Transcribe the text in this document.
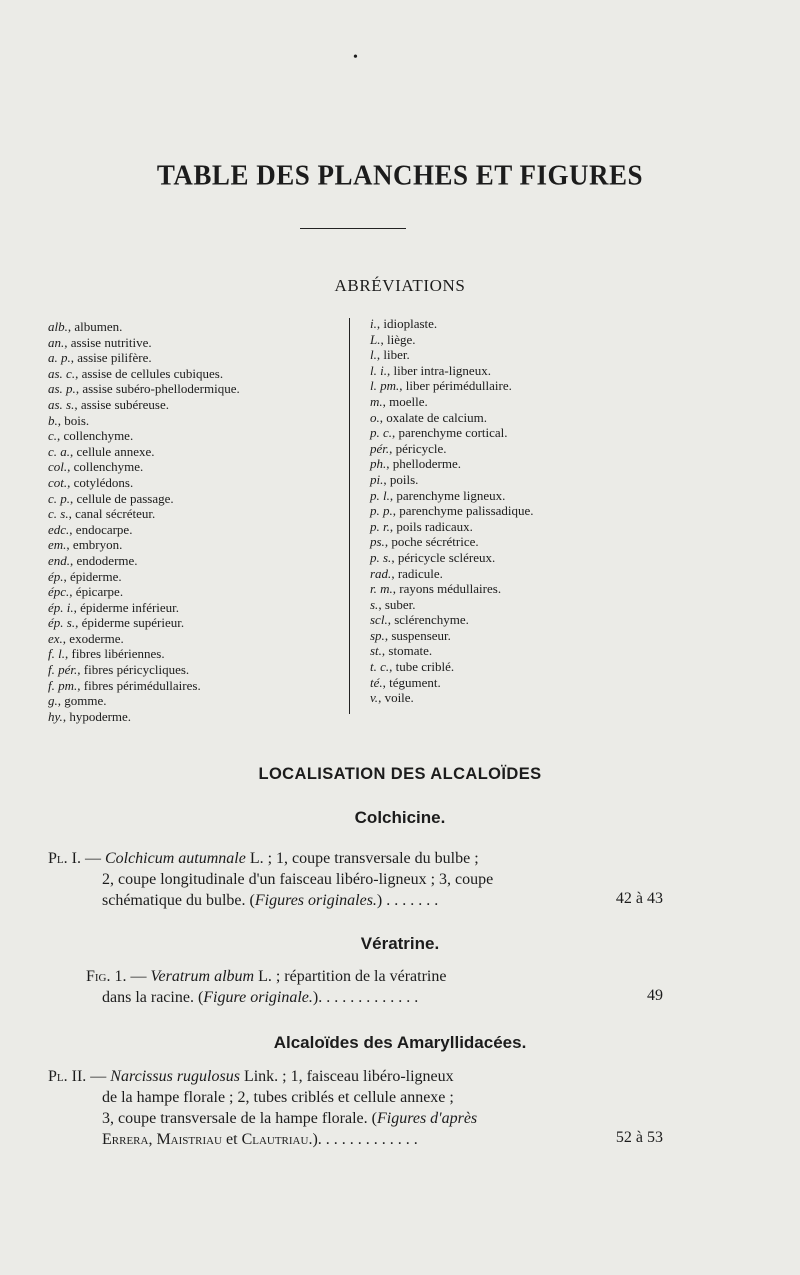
•
TABLE DES PLANCHES ET FIGURES
ABRÉVIATIONS
alb., albumen.
an., assise nutritive.
a. p., assise pilifère.
as. c., assise de cellules cubiques.
as. p., assise subéro-phellodermique.
as. s., assise subéreuse.
b., bois.
c., collenchyme.
c. a., cellule annexe.
col., collenchyme.
cot., cotylédons.
c. p., cellule de passage.
c. s., canal sécréteur.
edc., endocarpe.
em., embryon.
end., endoderme.
ép., épiderme.
épc., épicarpe.
ép. i., épiderme inférieur.
ép. s., épiderme supérieur.
ex., exoderme.
f. l., fibres libériennes.
f. pér., fibres péricycliques.
f. pm., fibres périmédullaires.
g., gomme.
hy., hypoderme.
i., idioplaste.
L., liège.
l., liber.
l. i., liber intra-ligneux.
l. pm., liber périmédullaire.
m., moelle.
o., oxalate de calcium.
p. c., parenchyme cortical.
pér., péricycle.
ph., phelloderme.
pi., poils.
p. l., parenchyme ligneux.
p. p., parenchyme palissadique.
p. r., poils radicaux.
ps., poche sécrétrice.
p. s., péricycle scléreux.
rad., radicule.
r. m., rayons médullaires.
s., suber.
scl., sclérenchyme.
sp., suspenseur.
st., stomate.
t. c., tube criblé.
té., tégument.
v., voile.
LOCALISATION DES ALCALOÏDES
Colchicine.
Pl. I. — Colchicum autumnale L. ; 1, coupe transversale du bulbe ;
2, coupe longitudinale d'un faisceau libéro-ligneux ; 3, coupe
schématique du bulbe. (Figures originales.) . . . . . . .	42 à 43
Vératrine.
Fig. 1. — Veratrum album L. ; répartition de la vératrine
dans la racine. (Figure originale.). . . . . . . . . . . . .	49
Alcaloïdes des Amaryllidacées.
Pl. II. — Narcissus rugulosus Link. ; 1, faisceau libéro-ligneux
de la hampe florale ; 2, tubes criblés et cellule annexe ;
3, coupe transversale de la hampe florale. (Figures d'après
Errera, Maistriau et Clautriau.). . . . . . . . . . . . .	52 à 53
